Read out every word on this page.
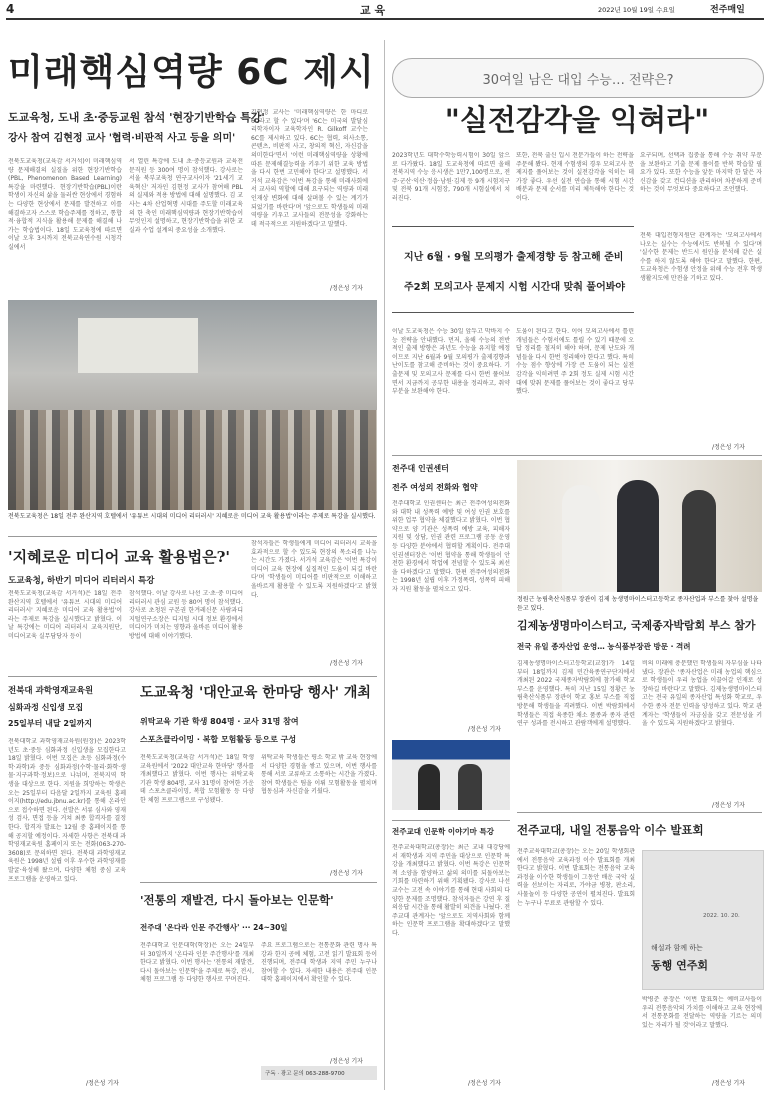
4	교 육	2022년 10월 19일 수요일	전주매일
미래핵심역량 6C 제시
도교육청, 도내 초·중등교원 참석 '현장기반학습 특강'
강사 참여 김현정 교사 '협력·비판적 사고 등을 의미'
전북도교육청(교육감 서거석)이 미래핵심역량 문제해결의 실질을 위한 현장기반학습(PBL, Phenomenon Based Learning) 특강을 마련했다. 현장기반학습(PBL)이란 학생이 자신의 삶을 둘러싼 현상에서 경험하는 다양한 현상에서 문제를 발견하고 이를 해결하고자 스스로 학습주제를 정하고, 통합적·융합적 지식을 활용해 문제를 해결해 나가는 학습법이다. 18일 도교육청에 따르면 이날 오후 3시까지 전북교육연수원 시청각실에서
서 열린 특강에 도내 초·중등교원과 교육전문직원 등 300여 명이 참석했다. 강사로는 서울 북부교육청 연구교사이자 '21세기 교육혁신' 저자인 김현정 교사가 참여해 PBL의 실제와 적용 방법에 대해 설명했다. 김 교사는 4차 산업혁명 시대를 주도할 미래교육의 한 축인 미래핵심역량과 현장기반학습이 무엇인지 설명하고, 현장기반학습을 위한 교실과 수업 설계의 중요성을 소개했다.
김현정 교사는 '미래핵심역량은 한 마디로 6C라고 할 수 있다'며 '6C는 미국의 발달심리학자이자 교육학자인 R. Gilkoff 교수는 6C를 제시하고 있다. 6C는 협력, 의사소통, 콘텐츠, 비판적 사고, 창의적 혁신, 자신감을 의미한다'면서 '이런 미래핵심역량을 상황에 따른 문제해결능력을 키우기 위한 교육 방법을 다시 한번 고민해야 한다'고 설명했다. 서거석 교육감은 '이번 특강을 통해 미래사회에서 교사의 역할에 대해 요구되는 역량과 미래 인재상 변화에 대해 살펴볼 수 있는 계기가 되었기를 바란다'며 '앞으로도 학생들의 미래역량을 키우고 교사들의 전문성을 강화하는 데 적극적으로 지원하겠다'고 말했다.
/정은성 기자
전북도교육청은 18일 전주 완산지역 호텔에서 '유튜브 시대의 미디어 리터러시' 지혜로운 미디어 교육 활용법'이라는 주제로 특강을 실시했다.
30여일 남은 대입 수능… 전략은?
"실전감각을 익혀라"
2023학년도 대학수학능력시험이 30일 앞으로 다가왔다. 18일 도교육청에 따르면 올해 전북지역 수능 응시생은 1만7,100명으로, 전주·군산·익산·정읍·남원·김제 등 9개 시험지구 및 전북 91개 시험장, 790개 시험실에서 치러진다.
또한, 전북 출신 입시 전문가들이 하는 전략을 주문해 봤다. 현재 수험생의 경우 모의고사 문제지를 풀어보는 것이 실전감각을 익히는 데 가장 좋다. 우선 실전 연습을 통해 시험 시간 배분과 문제 순서를 미리 체득해야 한다는 것이다.
요구되며, 선택과 집중을 통해 수능 취약 부분을 보완하고 기출 문제 풀이를 반복 학습할 필요가 있다. 또한 수능을 앞둔 마지막 한 달은 자신감을 갖고 컨디션을 관리하며 차분하게 준비하는 것이 무엇보다 중요하다고 조언했다.
지난 6월 · 9월 모의평가 출제경향 등 참고해 준비
주2회 모의고사 문제지 시험 시간대 맞춰 풀어봐야
이날 도교육청은 수능 30일 앞두고 막바지 수능 전략을 안내했다. 먼저, 올해 수능의 전반적인 출제 방향은 과년도 수능을 유지할 예정이므로 지난 6월과 9월 모의평가 출제경향과 난이도를 참고해 준비하는 것이 중요하다. 기출문제 및 모의고사 문제를 다시 한번 풀어보면서 지금까지 공부한 내용을 정리하고, 취약 부분을 보완해야 한다.
도움이 된다고 한다. 이어 모의고사에서 틀린 개념들은 수험서에도 틀릴 수 있기 때문에 오답 정리를 철저히 해야 하며, 문제 난도와 개념들을 다시 한번 정리해야 한다고 했다. 특히 수능 점수 향상에 가장 큰 도움이 되는 실전 감각을 익히려면 주 2회 정도 실제 시험 시간대에 맞춰 문제를 풀어보는 것이 좋다고 당부했다.
전북 대입전형지원단 관계자는 '모의고사에서 나오는 실수는 수능에서도 반복될 수 있다'며 '실수한 문제는 반드시 원인을 분석해 같은 실수를 하지 않도록 해야 한다'고 말했다. 한편, 도교육청은 수험생 안정을 위해 수능 전후 학생 생활지도에 만전을 기하고 있다.
/정은성 기자
'지혜로운 미디어 교육 활용법은?'
도교육청, 하반기 미디어 리터러시 특강
전북도교육청(교육감 서거석)은 18일 전주 완산지역 호텔에서 '유튜브 시대의 미디어 리터러시' 지혜로운 미디어 교육 활용법'이라는 주제로 특강을 실시했다고 밝혔다. 이날 특강에는 미디어 리터러시 교육지원단, 미디어교육 실무담당자 등이
참석했다. 이날 강사로 나선 고·초·중 미디어 리터러시 관심 교원 등 80여 명이 참석했다. 강사로 초청된 구본권 한겨레신문 사람과디지털연구소장은 디지털 시대 정보 환경에서 미디어가 미치는 영향과 올바른 미디어 활용 방법에 대해 이야기했다.
참석자들은 학생들에게 미디어 리터러시 교육을 효과적으로 할 수 있도록 현장의 목소리를 나누는 시간도 가졌다. 서거석 교육감은 '이번 특강이 미디어 교육 현장에 실질적인 도움이 되길 바란다'며 '학생들이 미디어를 비판적으로 이해하고 올바르게 활용할 수 있도록 지원하겠다'고 밝혔다.
/정은성 기자
전주대 인권센터
전주 여성의 전화와 협약
전주대학교 인권센터는 최근 전주여성의전화와 대학 내 성폭력 예방 및 여성 인권 보호를 위한 업무 협약을 체결했다고 밝혔다. 이번 협약으로 양 기관은 성폭력 예방 교육, 피해자 지원 및 상담, 인권 관련 프로그램 공동 운영 등 다양한 분야에서 협력할 계획이다. 전주대 인권센터장은 '이번 협약을 통해 학생들이 안전한 환경에서 학업에 전념할 수 있도록 최선을 다하겠다'고 말했다. 한편 전주여성의전화는 1998년 설립 이후 가정폭력, 성폭력 피해자 지원 활동을 펼쳐오고 있다.
/정은성 기자
정원근 농림축산식품부 장관이 김제 농생명마이스터고등학교 종자산업과 부스를 찾아 설명을 듣고 있다.
김제농생명마이스터고, 국제종자박람회 부스 참가
전국 유일 종자산업 운영… 농식품부장관 방문 · 격려
김제농생명마이스터고등학교(교장)가 14일부터 18일까지 김제 민간육종연구단지에서 개최된 2022 국제종자박람회에 참가해 학교 부스를 운영했다. 특히 지난 15일 정황근 농림축산식품부 장관이 학교 홍보 부스를 직접 방문해 학생들을 격려했다. 이번 박람회에서 학생들은 직접 육종한 채소 품종과 종자 관련 연구 성과를 전시하고 관람객에게 설명했다.
비의 미래에 충분했던 학생들의 자부심을 나타냈다. 장관은 '종자산업은 미래 농업의 핵심으로 학생들이 우리 농업을 이끌어갈 인재로 성장하길 바란다'고 말했다. 김제농생명마이스터고는 전국 유일의 종자산업 특성화 학교로, 우수한 종자 전문 인력을 양성하고 있다. 학교 관계자는 '학생들이 자긍심을 갖고 전문성을 키울 수 있도록 지원하겠다'고 밝혔다.
/정은성 기자
전북대 과학영재교육원
심화과정 신입생 모집
25일부터 내달 2일까지
전북대학교 과학영재교육원(원장)은 2023학년도 초·중등 심화과정 신입생을 모집한다고 18일 밝혔다. 이번 모집은 초등 심화과정(수학·과학)과 중등 심화과정(수학·물리·화학·생물·지구과학·정보)으로 나뉘며, 전북지역 학생을 대상으로 한다. 지원을 희망하는 학생은 오는 25일부터 다음달 2일까지 교육원 홈페이지(http://edu.jbnu.ac.kr)를 통해 온라인으로 접수하면 된다. 선발은 서류 심사와 영재성 검사, 면접 등을 거쳐 최종 합격자를 결정한다. 합격자 발표는 12월 중 홈페이지를 통해 공지할 예정이다. 자세한 사항은 전북대 과학영재교육원 홈페이지 또는 전화(063-270-3608)로 문의하면 된다. 전북대 과학영재교육원은 1998년 설립 이후 우수한 과학영재를 발굴·육성해 왔으며, 다양한 체험 중심 교육 프로그램을 운영하고 있다.
/정은성 기자
도교육청 '대안교육 한마당 행사' 개최
위탁교육 기관 학생 804명 · 교사 31명 참여
스포츠클라이밍 · 복합 모험활동 등으로 구성
전북도교육청(교육감 서거석)은 18일 학생교육원에서 '2022 대안교육 한마당' 행사를 개최했다고 밝혔다. 이번 행사는 위탁교육 기관 학생 804명, 교사 31명이 참여한 가운데 스포츠클라이밍, 복합 모험활동 등 다양한 체험 프로그램으로 구성됐다.
위탁교육 학생들은 평소 학교 밖 교육 현장에서 다양한 경험을 쌓고 있으며, 이번 행사를 통해 서로 교류하고 소통하는 시간을 가졌다. 참여 학생들은 팀을 이뤄 모험활동을 펼치며 협동심과 자신감을 키웠다.
/정은성 기자
전주교대 인문학 이야기마 특강
전주교육대학교(총장)는 최근 교내 대강당에서 재학생과 지역 주민을 대상으로 인문학 특강을 개최했다고 밝혔다. 이번 특강은 인문학적 소양을 함양하고 삶의 의미를 되돌아보는 기회를 마련하기 위해 기획됐다. 강사로 나선 교수는 고전 속 이야기를 통해 현대 사회의 다양한 문제를 조명했다. 참석자들은 강연 후 질의응답 시간을 통해 활발히 의견을 나눴다. 전주교대 관계자는 '앞으로도 지역사회와 함께하는 인문학 프로그램을 확대하겠다'고 말했다.
/정은성 기자
'전통의 재발견, 다시 돌아보는 인문학'
전주대 '온다라 인문 주간행사' ··· 24~30일
전주대학교 인문대학(학장)은 오는 24일부터 30일까지 '온다라 인문 주간행사'를 개최한다고 밝혔다. 이번 행사는 '전통의 재발견, 다시 돌아보는 인문학'을 주제로 특강, 전시, 체험 프로그램 등 다양한 행사로 꾸며진다.
주요 프로그램으로는 전통문화 관련 명사 특강과 한지 공예 체험, 고전 읽기 발표회 등이 진행되며, 전주대 학생과 지역 주민 누구나 참여할 수 있다. 자세한 내용은 전주대 인문대학 홈페이지에서 확인할 수 있다.
/정은성 기자
구독 · 광고 문의 063-288-9700
전주교대, 내일 전통음악 이수 발표회
전주교육대학교(총장)는 오는 20일 학생회관에서 전통음악 교육과정 이수 발표회를 개최한다고 밝혔다. 이번 발표회는 전통음악 교육과정을 이수한 학생들이 그동안 배운 국악 실력을 선보이는 자리로, 가야금 병창, 판소리, 사물놀이 등 다양한 공연이 펼쳐진다. 발표회는 누구나 무료로 관람할 수 있다.
2022. 10. 20.
해설과 함께 하는
동행 연주회
박병준 총장은 '이번 발표회는 예비교사들이 우리 전통음악의 가치를 이해하고 교육 현장에서 전통문화를 전달하는 역량을 기르는 의미 있는 자리가 될 것'이라고 말했다.
/정은성 기자
